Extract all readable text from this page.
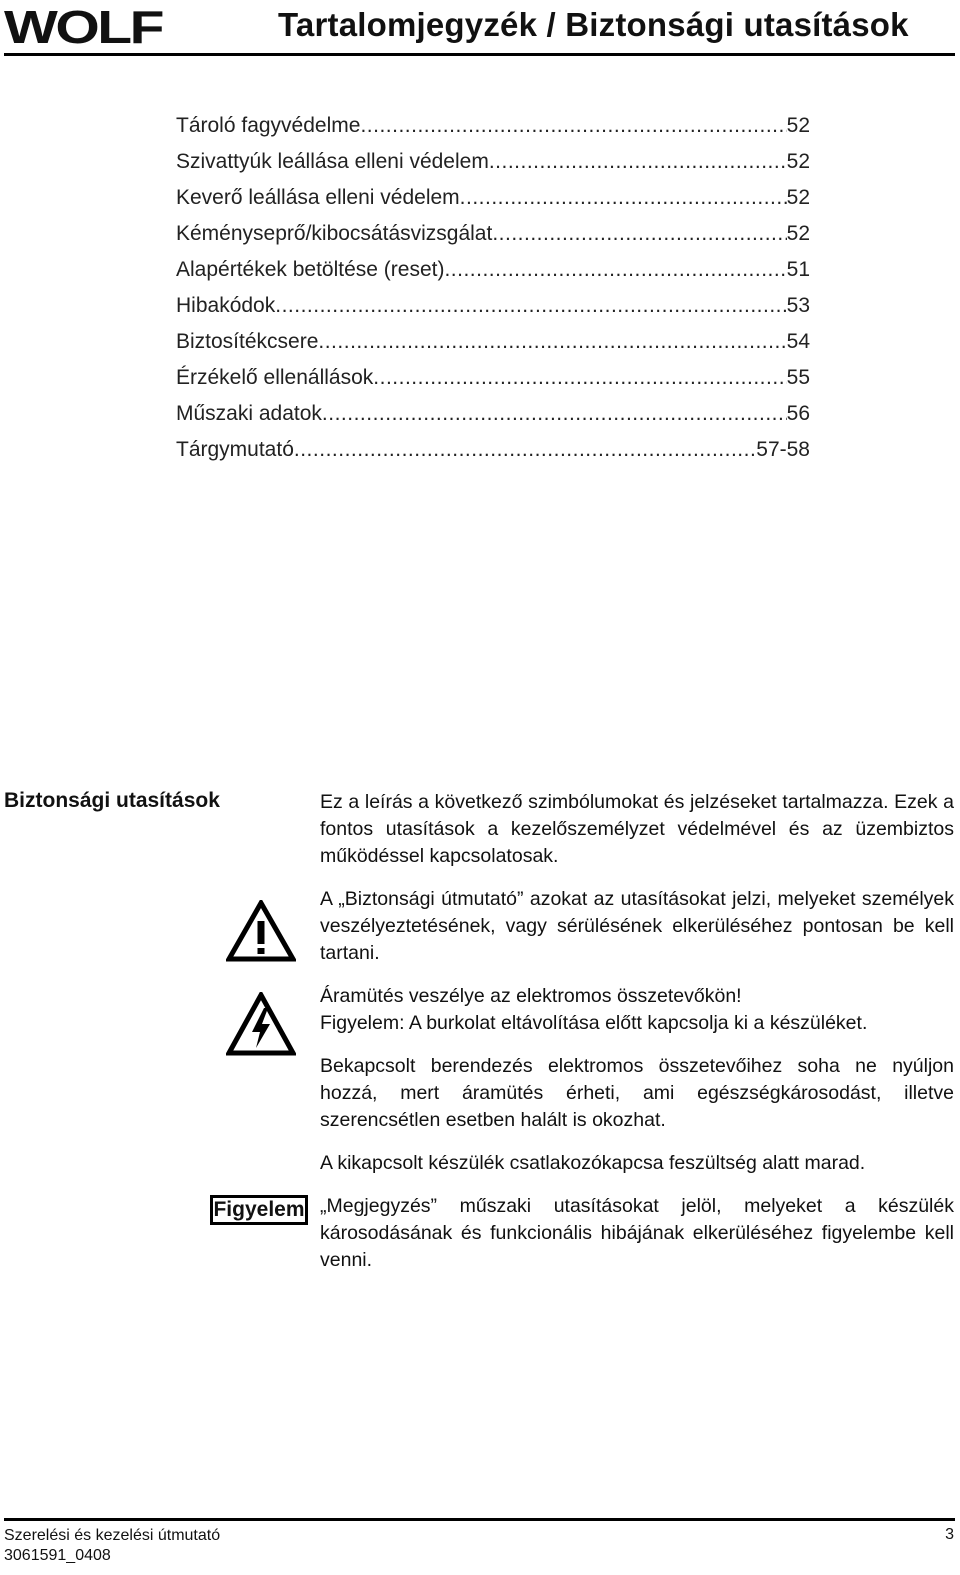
WOLF	Tartalomjegyzék / Biztonsági utasítások
Tároló fagyvédelme .....	52
Szivattyúk leállása elleni védelem .....	52
Keverő leállása elleni védelem .....	52
Kéményseprő/kibocsátásvizsgálat .....	52
Alapértékek betöltése (reset) .....	51
Hibakódok .....	53
Biztosítékcsere .....	54
Érzékelő ellenállások .....	55
Műszaki adatok .....	56
Tárgymutató .....	57-58
Biztonsági utasítások	Ez a leírás a következő szimbólumokat és jelzéseket tartalmazza. Ezek a fontos utasítások a kezelőszemélyzet védelmével és az üzembiztos működéssel kapcsolatosak.

A „Biztonsági útmutató” azokat az utasításokat jelzi, melyeket személyek veszélyeztetésének, vagy sérülésének elkerüléséhez pontosan be kell tartani.

Áramütés veszélye az elektromos összetevőkön!
Figyelem: A burkolat eltávolítása előtt kapcsolja ki a készüléket.

Bekapcsolt berendezés elektromos összetevőihez soha ne nyúljon hozzá, mert áramütés érheti, ami egészségkárosodást, illetve szerencsétlen esetben halált is okozhat.

A kikapcsolt készülék csatlakozókapcsa feszültség alatt marad.

„Megjegyzés” műszaki utasításokat jelöl, melyeket a készülék károsodásának és funkcionális hibájának elkerüléséhez figyelembe kell venni.

Figyelem
Szerelési és kezelési útmutató
3061591_0408
3
